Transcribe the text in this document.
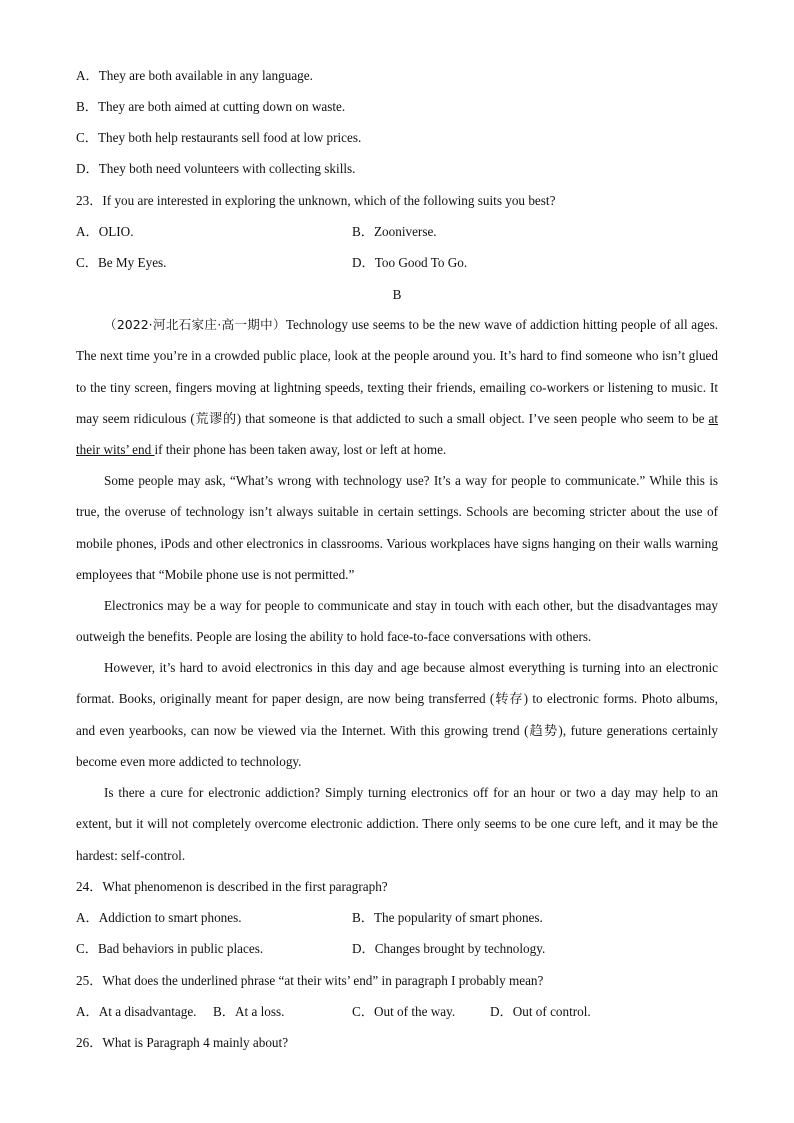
A．They are both available in any language.
B．They are both aimed at cutting down on waste.
C．They both help restaurants sell food at low prices.
D．They both need volunteers with collecting skills.
23．If you are interested in exploring the unknown, which of the following suits you best?
A．OLIO.	B．Zooniverse.
C．Be My Eyes.	D．Too Good To Go.
B

（2022·河北石家庄·高一期中）Technology use seems to be the new wave of addiction hitting people of all ages. The next time you’re in a crowded public place, look at the people around you. It’s hard to find someone who isn’t glued to the tiny screen, fingers moving at lightning speeds, texting their friends, emailing co-workers or listening to music. It may seem ridiculous (荒谬的) that someone is that addicted to such a small object. I’ve seen people who seem to be at their wits’ end if their phone has been taken away, lost or left at home.

Some people may ask, “What’s wrong with technology use? It’s a way for people to communicate.” While this is true, the overuse of technology isn’t always suitable in certain settings. Schools are becoming stricter about the use of mobile phones, iPods and other electronics in classrooms. Various workplaces have signs hanging on their walls warning employees that “Mobile phone use is not permitted.”

Electronics may be a way for people to communicate and stay in touch with each other, but the disadvantages may outweigh the benefits. People are losing the ability to hold face-to-face conversations with others.

However, it’s hard to avoid electronics in this day and age because almost everything is turning into an electronic format. Books, originally meant for paper design, are now being transferred (转存) to electronic forms. Photo albums, and even yearbooks, can now be viewed via the Internet. With this growing trend (趋势), future generations certainly become even more addicted to technology.

Is there a cure for electronic addiction? Simply turning electronics off for an hour or two a day may help to an extent, but it will not completely overcome electronic addiction. There only seems to be one cure left, and it may be the hardest: self-control.

24．What phenomenon is described in the first paragraph?
A．Addiction to smart phones.	B．The popularity of smart phones.
C．Bad behaviors in public places.	D．Changes brought by technology.
25．What does the underlined phrase “at their wits’ end” in paragraph I probably mean?
A．At a disadvantage. B．At a loss.	C．Out of the way.	D．Out of control.
26．What is Paragraph 4 mainly about?
